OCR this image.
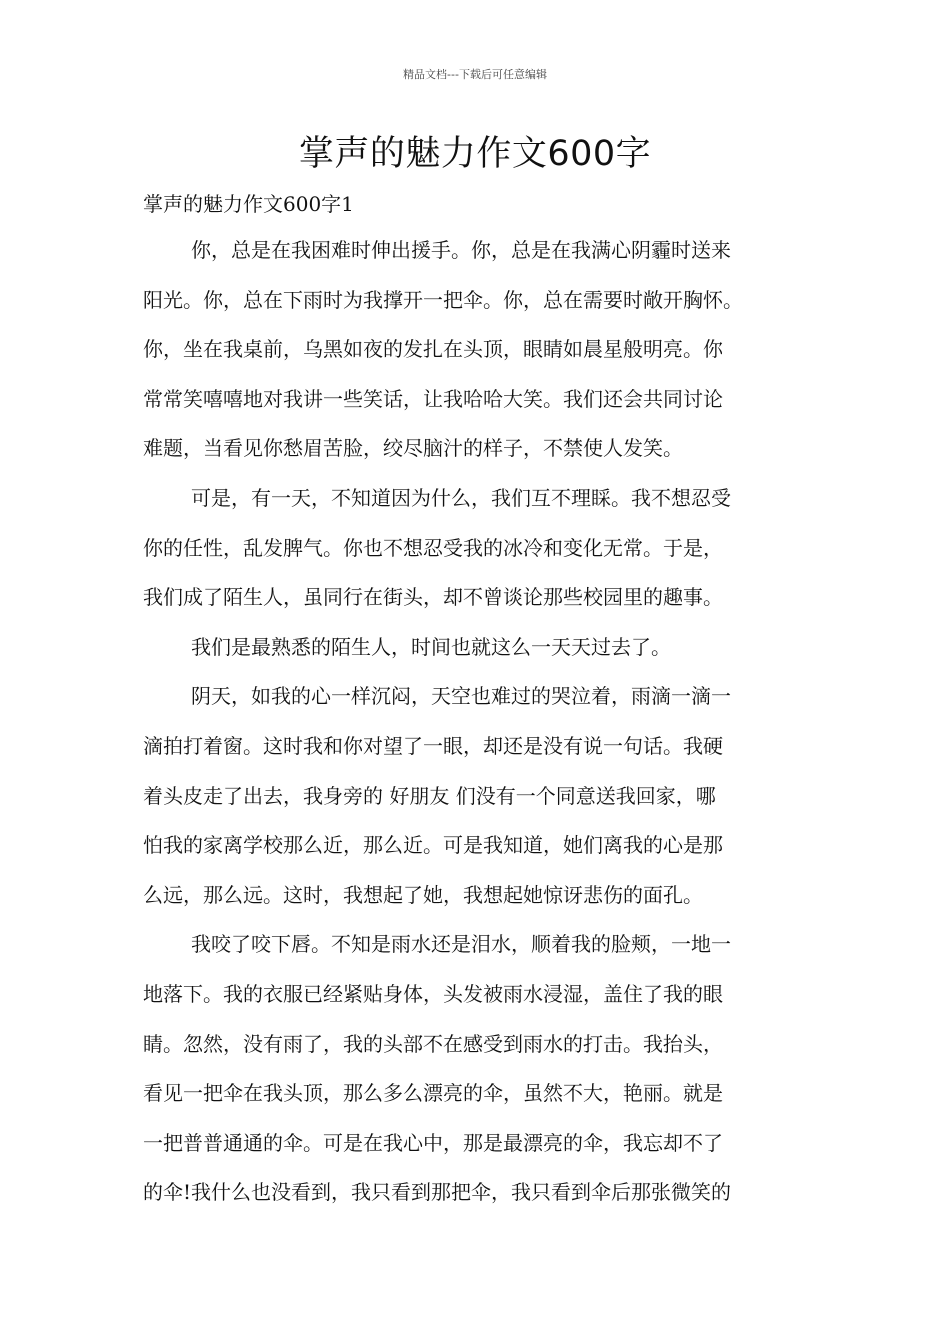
精品文档---下载后可任意编辑
掌声的魅力作文600字
掌声的魅力作文600字1
你，总是在我困难时伸出援手。你，总是在我满心阴霾时送来
阳光。你，总在下雨时为我撑开一把伞。你，总在需要时敞开胸怀。
你，坐在我桌前，乌黑如夜的发扎在头顶，眼睛如晨星般明亮。你
常常笑嘻嘻地对我讲一些笑话，让我哈哈大笑。我们还会共同讨论
难题，当看见你愁眉苦脸，绞尽脑汁的样子，不禁使人发笑。
可是，有一天，不知道因为什么，我们互不理睬。我不想忍受
你的任性，乱发脾气。你也不想忍受我的冰冷和变化无常。于是，
我们成了陌生人，虽同行在街头，却不曾谈论那些校园里的趣事。
我们是最熟悉的陌生人，时间也就这么一天天过去了。
阴天，如我的心一样沉闷，天空也难过的哭泣着，雨滴一滴一
滴拍打着窗。这时我和你对望了一眼，却还是没有说一句话。我硬
着头皮走了出去，我身旁的 好朋友 们没有一个同意送我回家，哪
怕我的家离学校那么近，那么近。可是我知道，她们离我的心是那
么远，那么远。这时，我想起了她，我想起她惊讶悲伤的面孔。
我咬了咬下唇。不知是雨水还是泪水，顺着我的脸颊，一地一
地落下。我的衣服已经紧贴身体，头发被雨水浸湿，盖住了我的眼
睛。忽然，没有雨了，我的头部不在感受到雨水的打击。我抬头，
看见一把伞在我头顶，那么多么漂亮的伞，虽然不大，艳丽。就是
一把普普通通的伞。可是在我心中，那是最漂亮的伞，我忘却不了
的伞!我什么也没看到，我只看到那把伞，我只看到伞后那张微笑的
